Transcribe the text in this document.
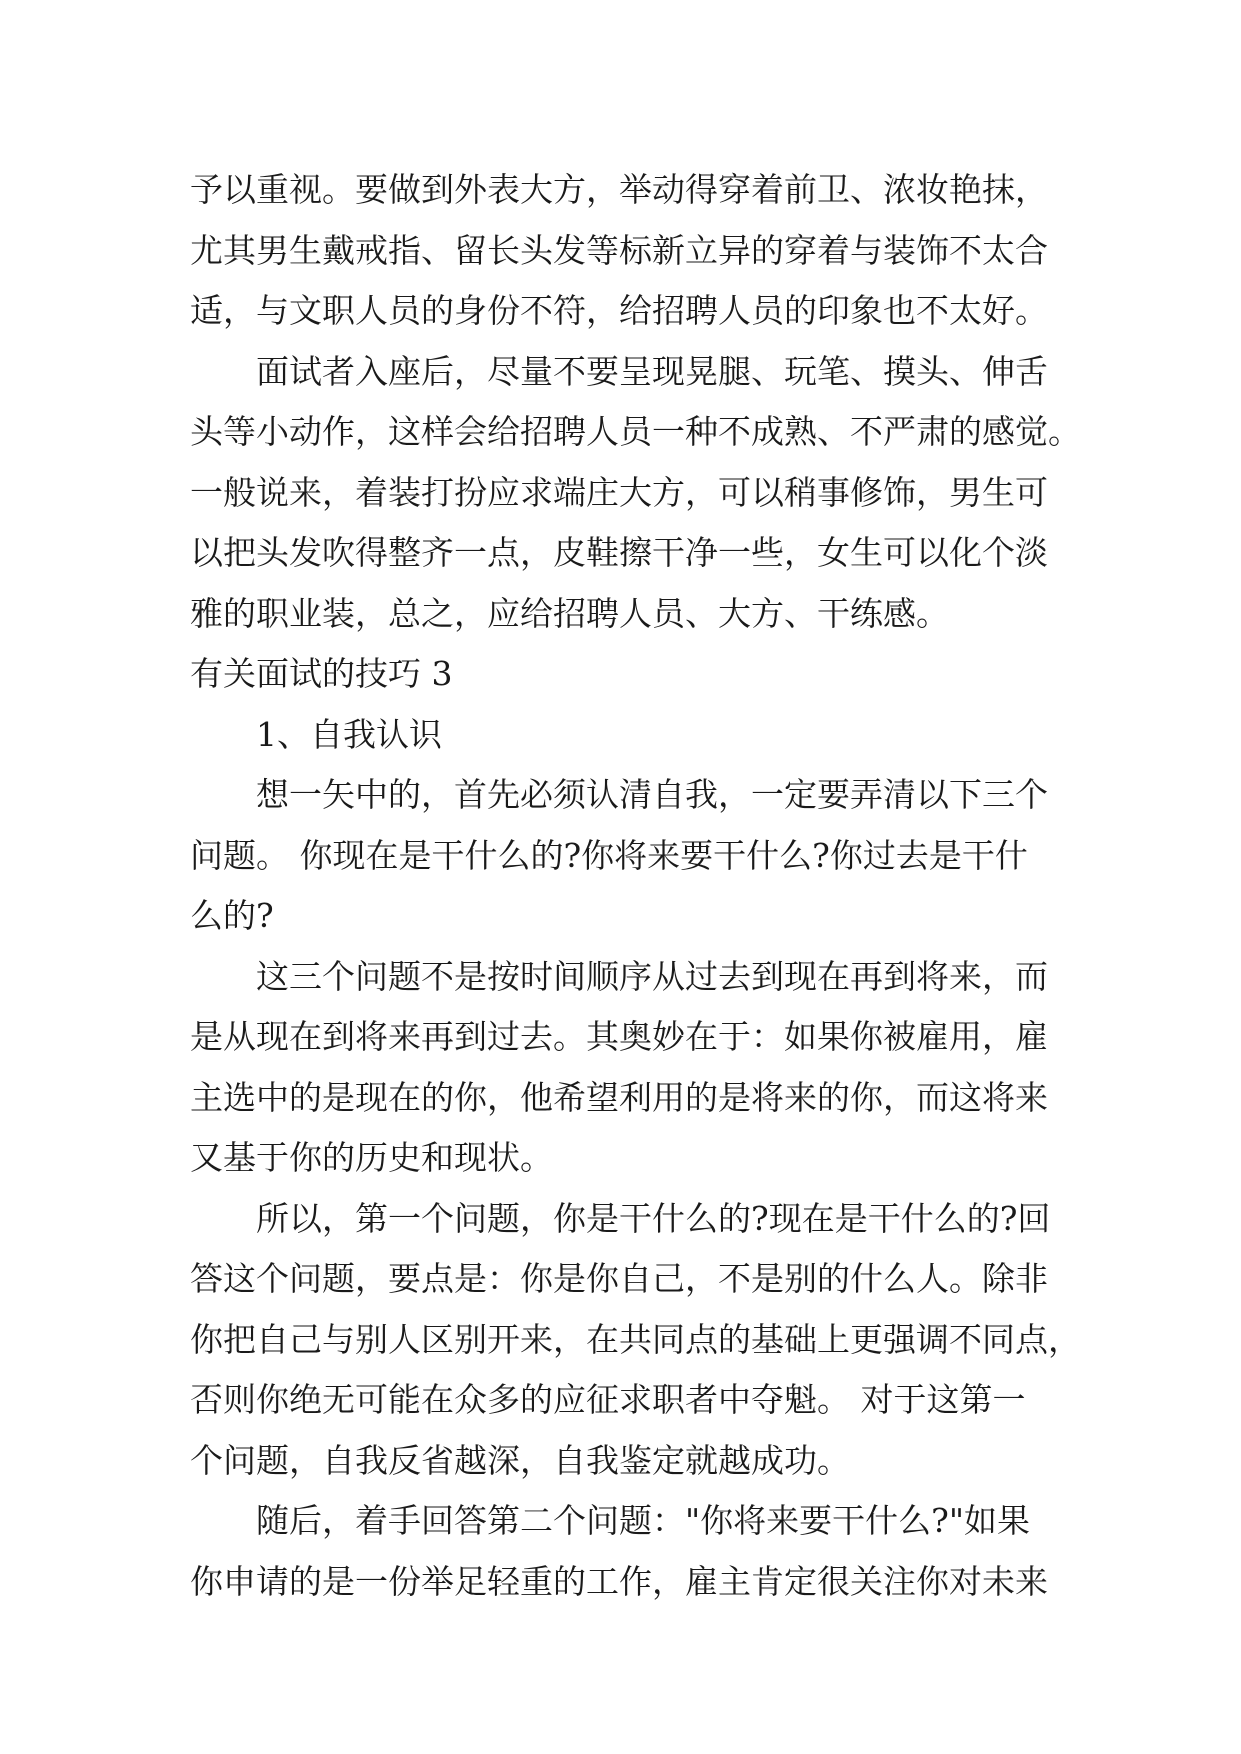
予以重视。要做到外表大方，举动得穿着前卫、浓妆艳抹，
尤其男生戴戒指、留长头发等标新立异的穿着与装饰不太合
适，与文职人员的身份不符，给招聘人员的印象也不太好。
面试者入座后，尽量不要呈现晃腿、玩笔、摸头、伸舌
头等小动作，这样会给招聘人员一种不成熟、不严肃的感觉。
一般说来，着装打扮应求端庄大方，可以稍事修饰，男生可
以把头发吹得整齐一点，皮鞋擦干净一些，女生可以化个淡
雅的职业装，总之，应给招聘人员、大方、干练感。
有关面试的技巧 3
1、自我认识
想一矢中的，首先必须认清自我，一定要弄清以下三个
问题。 你现在是干什么的?你将来要干什么?你过去是干什
么的?
这三个问题不是按时间顺序从过去到现在再到将来，而
是从现在到将来再到过去。其奥妙在于：如果你被雇用，雇
主选中的是现在的你，他希望利用的是将来的你，而这将来
又基于你的历史和现状。
所以，第一个问题，你是干什么的?现在是干什么的?回
答这个问题，要点是：你是你自己，不是别的什么人。除非
你把自己与别人区别开来，在共同点的基础上更强调不同点，
否则你绝无可能在众多的应征求职者中夺魁。 对于这第一
个问题，自我反省越深，自我鉴定就越成功。
随后，着手回答第二个问题："你将来要干什么?"如果
你申请的是一份举足轻重的工作，雇主肯定很关注你对未来
